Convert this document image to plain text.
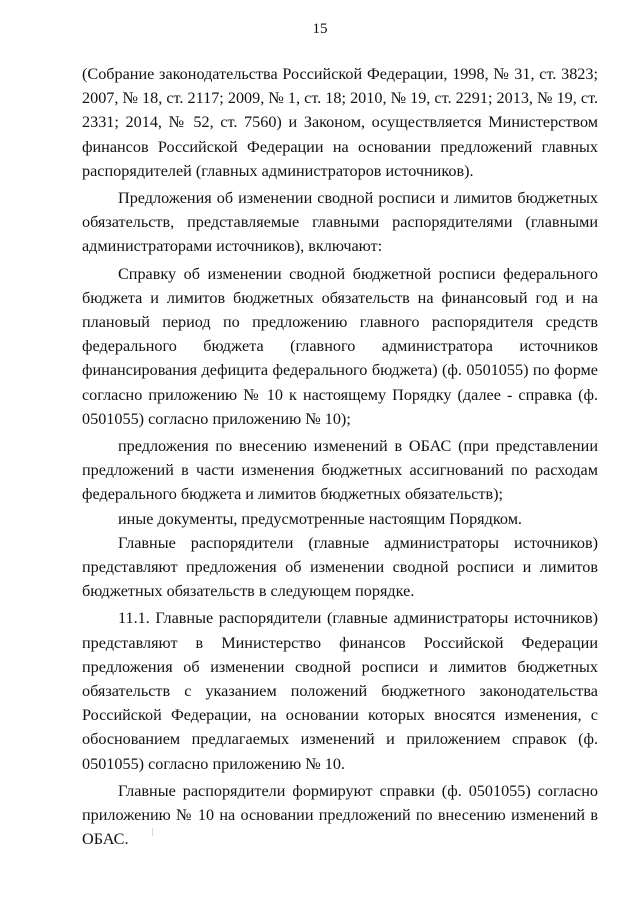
15

(Собрание законодательства Российской Федерации, 1998, № 31, ст. 3823; 2007, № 18, ст. 2117; 2009, № 1, ст. 18; 2010, № 19, ст. 2291; 2013, № 19, ст. 2331; 2014, № 52, ст. 7560) и Законом, осуществляется Министерством финансов Российской Федерации на основании предложений главных распорядителей (главных администраторов источников).

Предложения об изменении сводной росписи и лимитов бюджетных обязательств, представляемые главными распорядителями (главными администраторами источников), включают:

Справку об изменении сводной бюджетной росписи федерального бюджета и лимитов бюджетных обязательств на финансовый год и на плановый период по предложению главного распорядителя средств федерального бюджета (главного администратора источников финансирования дефицита федерального бюджета) (ф. 0501055) по форме согласно приложению № 10 к настоящему Порядку (далее - справка (ф. 0501055) согласно приложению № 10);

предложения по внесению изменений в ОБАС (при представлении предложений в части изменения бюджетных ассигнований по расходам федерального бюджета и лимитов бюджетных обязательств);

иные документы, предусмотренные настоящим Порядком.

Главные распорядители (главные администраторы источников) представляют предложения об изменении сводной росписи и лимитов бюджетных обязательств в следующем порядке.

11.1. Главные распорядители (главные администраторы источников) представляют в Министерство финансов Российской Федерации предложения об изменении сводной росписи и лимитов бюджетных обязательств с указанием положений бюджетного законодательства Российской Федерации, на основании которых вносятся изменения, с обоснованием предлагаемых изменений и приложением справок (ф. 0501055) согласно приложению № 10.

Главные распорядители формируют справки (ф. 0501055) согласно приложению № 10 на основании предложений по внесению изменений в ОБАС.
